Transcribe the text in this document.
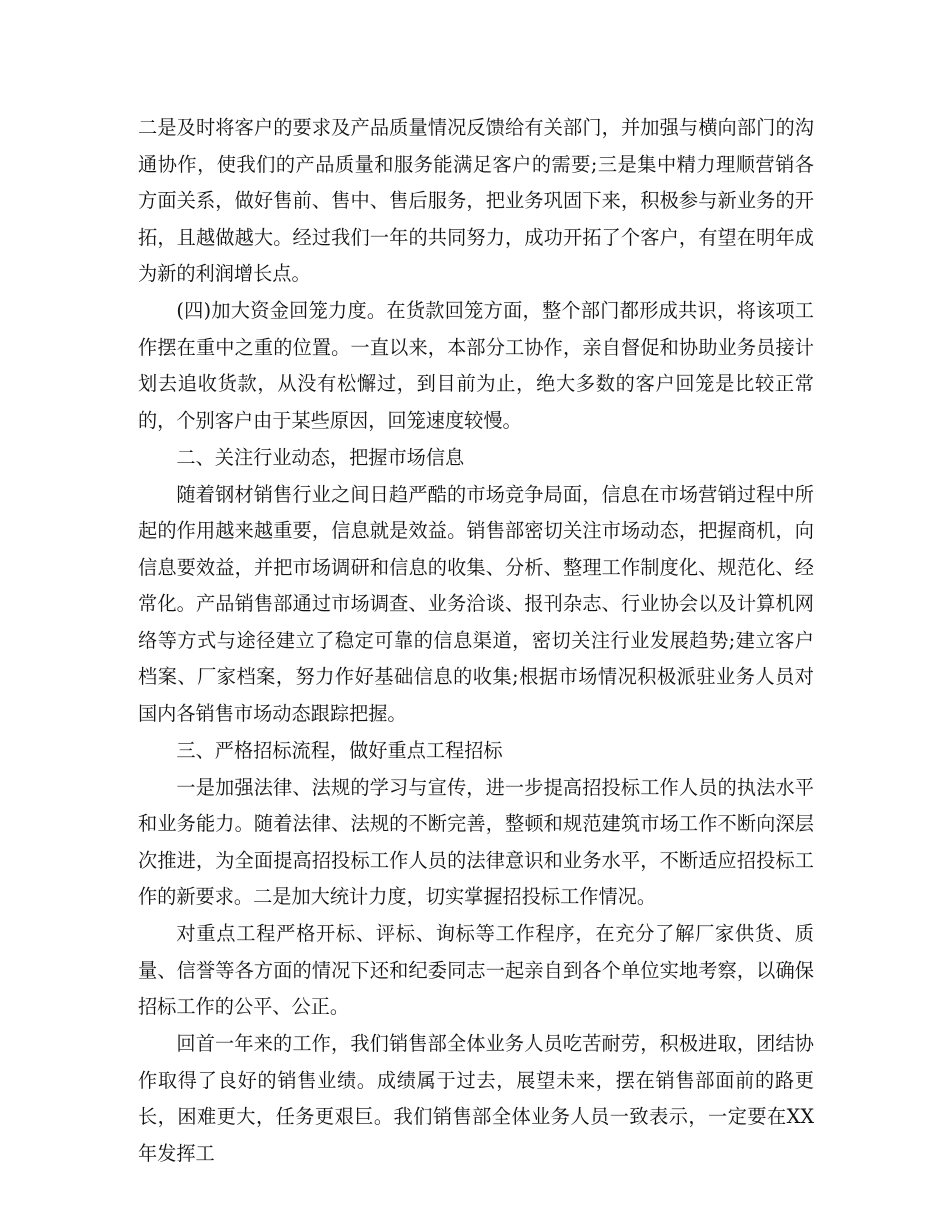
二是及时将客户的要求及产品质量情况反馈给有关部门，并加强与横向部门的沟通协作，使我们的产品质量和服务能满足客户的需要;三是集中精力理顺营销各方面关系，做好售前、售中、售后服务，把业务巩固下来，积极参与新业务的开拓，且越做越大。经过我们一年的共同努力，成功开拓了个客户，有望在明年成为新的利润增长点。

(四)加大资金回笼力度。在货款回笼方面，整个部门都形成共识，将该项工作摆在重中之重的位置。一直以来，本部分工协作，亲自督促和协助业务员接计划去追收货款，从没有松懈过，到目前为止，绝大多数的客户回笼是比较正常的，个别客户由于某些原因，回笼速度较慢。

二、关注行业动态，把握市场信息

随着钢材销售行业之间日趋严酷的市场竞争局面，信息在市场营销过程中所起的作用越来越重要，信息就是效益。销售部密切关注市场动态，把握商机，向信息要效益，并把市场调研和信息的收集、分析、整理工作制度化、规范化、经常化。产品销售部通过市场调查、业务洽谈、报刊杂志、行业协会以及计算机网络等方式与途径建立了稳定可靠的信息渠道，密切关注行业发展趋势;建立客户档案、厂家档案，努力作好基础信息的收集;根据市场情况积极派驻业务人员对国内各销售市场动态跟踪把握。

三、严格招标流程，做好重点工程招标

一是加强法律、法规的学习与宣传，进一步提高招投标工作人员的执法水平和业务能力。随着法律、法规的不断完善，整顿和规范建筑市场工作不断向深层次推进，为全面提高招投标工作人员的法律意识和业务水平，不断适应招投标工作的新要求。二是加大统计力度，切实掌握招投标工作情况。

对重点工程严格开标、评标、询标等工作程序，在充分了解厂家供货、质量、信誉等各方面的情况下还和纪委同志一起亲自到各个单位实地考察，以确保招标工作的公平、公正。

回首一年来的工作，我们销售部全体业务人员吃苦耐劳，积极进取，团结协作取得了良好的销售业绩。成绩属于过去，展望未来，摆在销售部面前的路更长，困难更大，任务更艰巨。我们销售部全体业务人员一致表示，一定要在XX年发挥工
